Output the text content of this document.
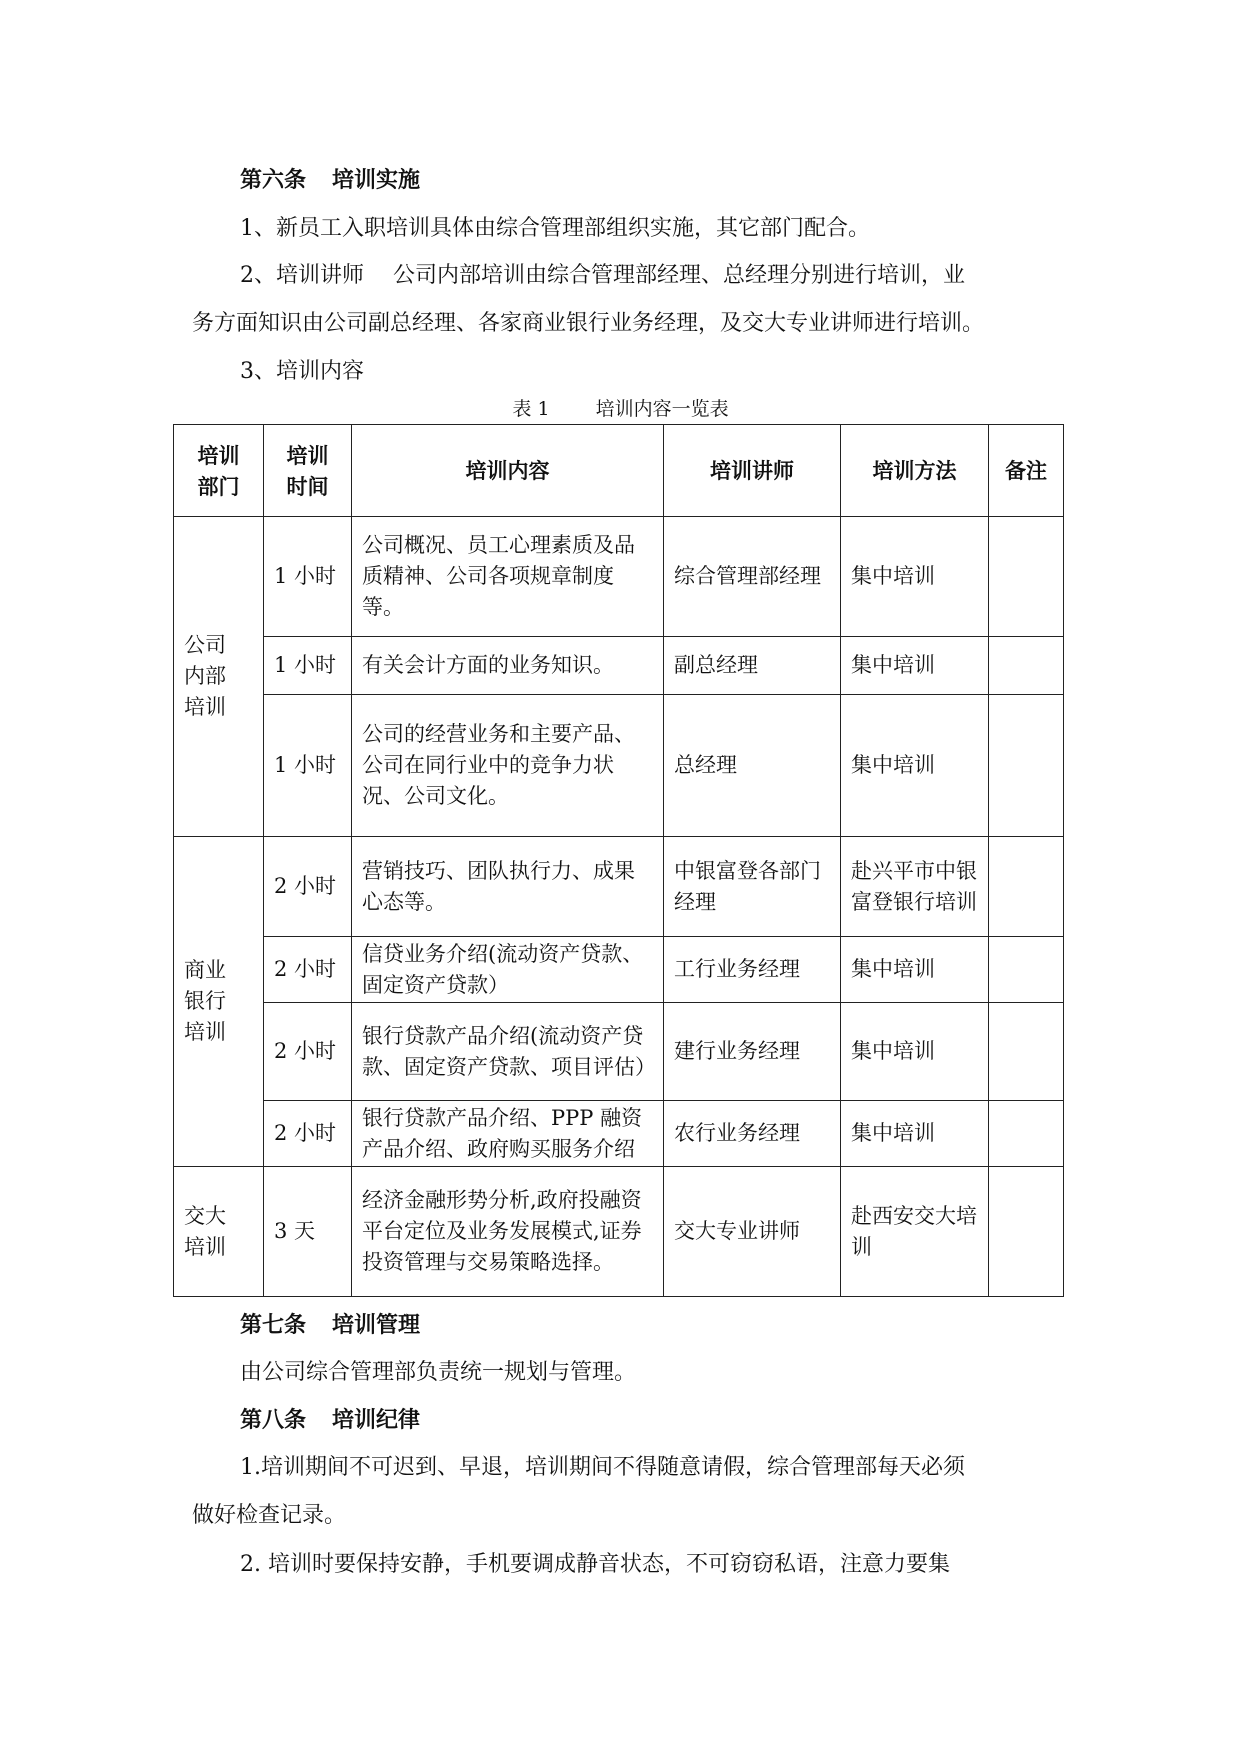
第六条 培训实施
1、新员工入职培训具体由综合管理部组织实施，其它部门配合。
2、培训讲师　 公司内部培训由综合管理部经理、总经理分别进行培训，业
务方面知识由公司副总经理、各家商业银行业务经理，及交大专业讲师进行培训。
3、培训内容
表 1 培训内容一览表
培训部门	培训时间	培训内容	培训讲师	培训方法	备注
公司内部培训	1 小时	公司概况、员工心理素质及品质精神、公司各项规章制度等。	综合管理部经理	集中培训	
	1 小时	有关会计方面的业务知识。	副总经理	集中培训	
	1 小时	公司的经营业务和主要产品、公司在同行业中的竞争力状况、公司文化。	总经理	集中培训	
商业银行培训	2 小时	营销技巧、团队执行力、成果心态等。	中银富登各部门经理	赴兴平市中银富登银行培训	
	2 小时	信贷业务介绍(流动资产贷款、固定资产贷款）	工行业务经理	集中培训	
	2 小时	银行贷款产品介绍(流动资产贷款、固定资产贷款、项目评估）	建行业务经理	集中培训	
	2 小时	银行贷款产品介绍、PPP 融资产品介绍、政府购买服务介绍	农行业务经理	集中培训	
交大培训	3 天	经济金融形势分析,政府投融资平台定位及业务发展模式,证券投资管理与交易策略选择。	交大专业讲师	赴西安交大培训	
第七条 培训管理
由公司综合管理部负责统一规划与管理。
第八条 培训纪律
1.培训期间不可迟到、早退，培训期间不得随意请假，综合管理部每天必须
做好检查记录。
2. 培训时要保持安静，手机要调成静音状态，不可窃窃私语，注意力要集
